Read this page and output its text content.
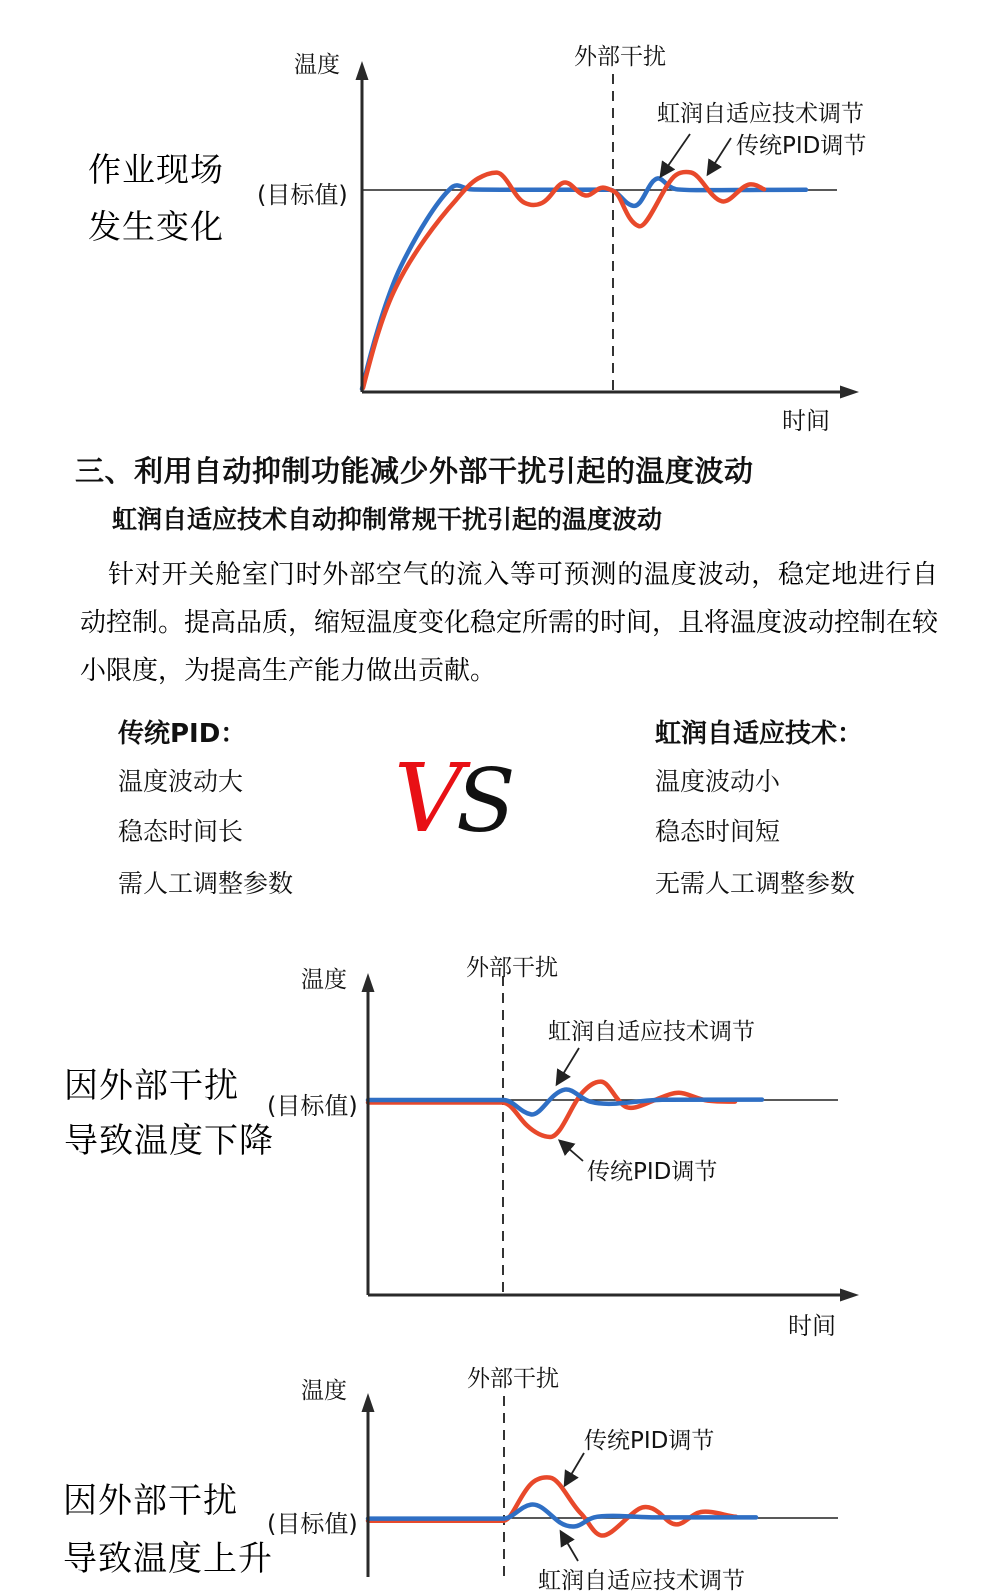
作业现场
发生变化
温度	外部干扰
(目标值)
虹润自适应技术调节
传统PID调节
时间
三、利用自动抑制功能减少外部干扰引起的温度波动
虹润自适应技术自动抑制常规干扰引起的温度波动
针对开关舱室门时外部空气的流入等可预测的温度波动，稳定地进行自动控制。提高品质，缩短温度变化稳定所需的时间，且将温度波动控制在较小限度，为提高生产能力做出贡献。
传统PID：
温度波动大
稳态时间长
需人工调整参数
V
S
虹润自适应技术：
温度波动小
稳态时间短
无需人工调整参数
因外部干扰
导致温度下降
温度	外部干扰
(目标值)
虹润自适应技术调节
传统PID调节
时间
因外部干扰
导致温度上升
温度	外部干扰
(目标值)
传统PID调节
虹润自适应技术调节
